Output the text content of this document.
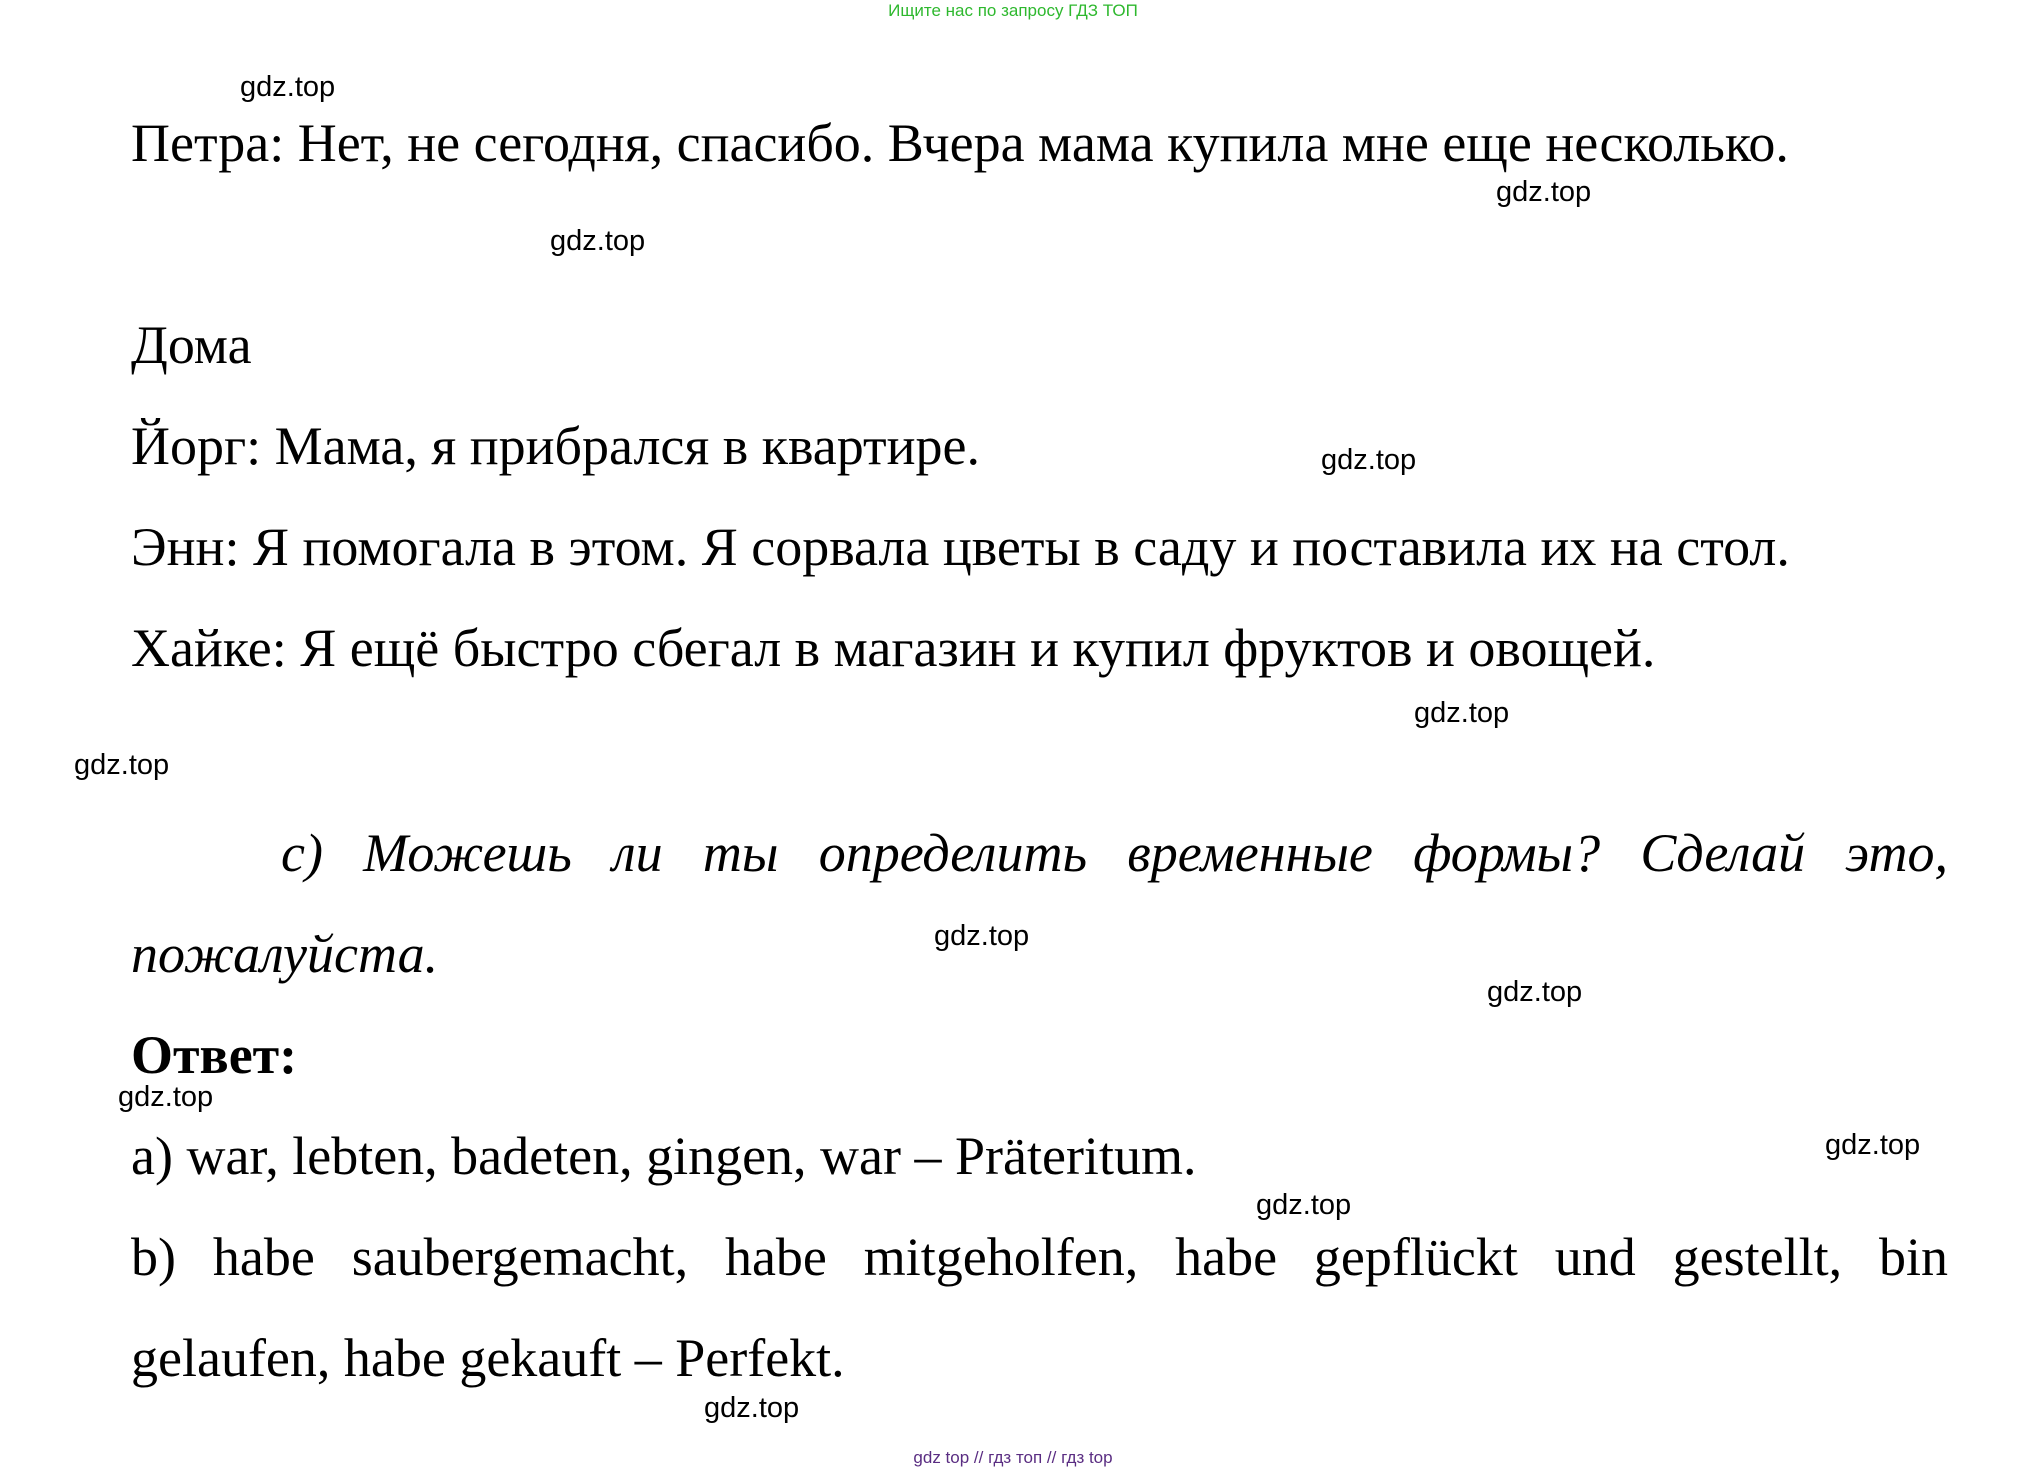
Ищите нас по запросу ГДЗ ТОП
Петра: Нет, не сегодня, спасибо. Вчера мама купила мне еще несколько.
Дома
Йорг: Мама, я прибрался в квартире.
Энн: Я помогала в этом. Я сорвала цветы в саду и поставила их на стол.
Хайке: Я ещё быстро сбегал в магазин и купил фруктов и овощей.
c) Можешь ли ты определить временные формы? Сделай это,
пожалуйста.
Ответ:
a) war, lebten, badeten, gingen, war – Präteritum.
b) habe saubergemacht, habe mitgeholfen, habe gepflückt und gestellt, bin
gelaufen, habe gekauft – Perfekt.
gdz.top
gdz.top
gdz.top
gdz.top
gdz.top
gdz.top
gdz.top
gdz.top
gdz.top
gdz.top
gdz.top
gdz.top
gdz top // гдз топ // гдз top
